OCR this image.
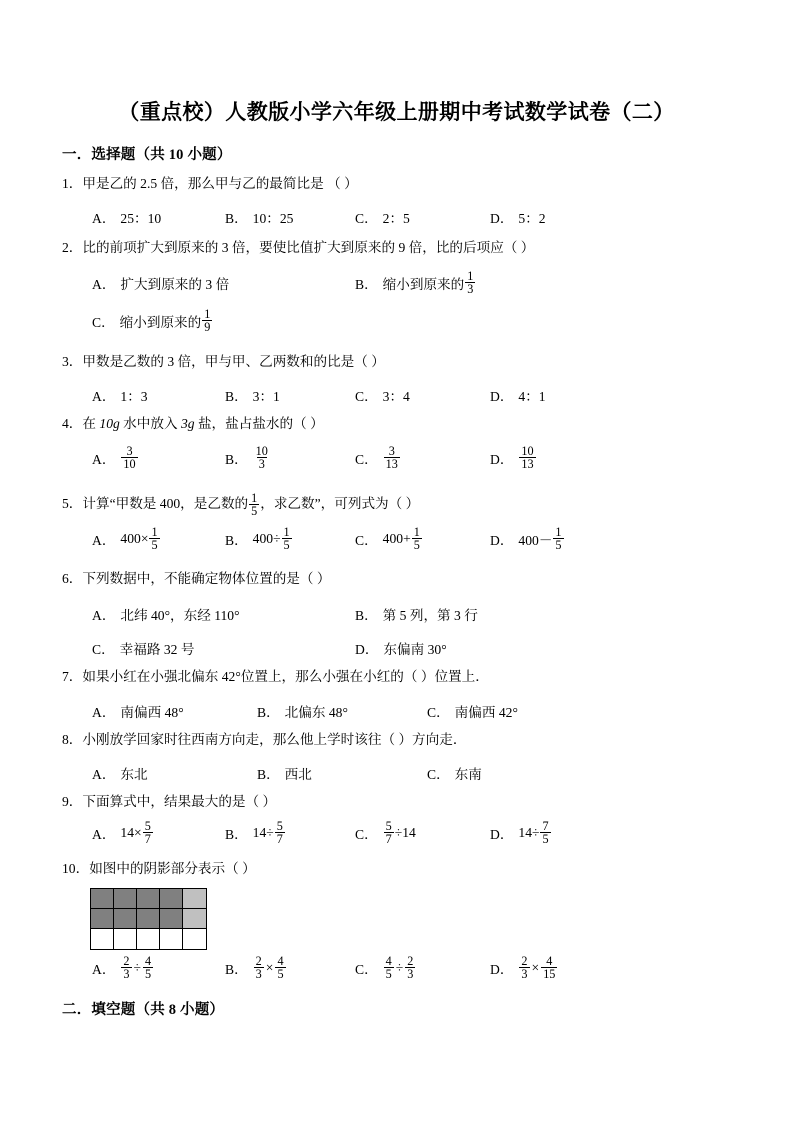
（重点校）人教版小学六年级上册期中考试数学试卷（二）
一．选择题（共 10 小题）
1．甲是乙的 2.5 倍，那么甲与乙的最简比是 （ ）
A． 25：10	B． 10：25	C． 2：5	D． 5：2
2．比的前项扩大到原来的 3 倍，要使比值扩大到原来的 9 倍，比的后项应（ ）
A． 扩大到原来的 3 倍	B． 缩小到原来的 $\frac{1}{3}$
C． 缩小到原来的 $\frac{1}{9}$
3．甲数是乙数的 3 倍，甲与甲、乙两数和的比是（ ）
A． 1：3	B． 3：1	C． 3：4	D． 4：1
4．在 10g 水中放入 3g 盐，盐占盐水的（ ）
A． $\frac{3}{10}$	B． $\frac{10}{3}$	C． $\frac{3}{13}$	D． $\frac{10}{13}$
5．计算“甲数是 400，是乙数的 $\frac{1}{5}$ ，求乙数”，可列式为（ ）
A． $400\times \frac{1}{5}$	B． $400\div \frac{1}{5}$	C． $400+ \frac{1}{5}$	D． $400- \frac{1}{5}$
6．下列数据中，不能确定物体位置的是（ ）
A． 北纬 40°，东经 110°	B． 第 5 列，第 3 行
C． 幸福路 32 号	D． 东偏南 30°
7．如果小红在小强北偏东 42°位置上，那么小强在小红的（ ）位置上．
A． 南偏西 48°	B． 北偏东 48°	C． 南偏西 42°
8．小刚放学回家时往西南方向走，那么他上学时该往（ ）方向走．
A． 东北	B． 西北	C． 东南
9．下面算式中，结果最大的是（ ）
A． $14\times \frac{5}{7}$	B． $14\div \frac{5}{7}$	C． $\frac{5}{7} \div 14$	D． $14\div \frac{7}{5}$
10．如图中的阴影部分表示（ ）
A． $\frac{2}{3} \div \frac{4}{5}$	B． $\frac{2}{3} \times \frac{4}{5}$	C． $\frac{4}{5} \div \frac{2}{3}$	D． $\frac{2}{3} \times \frac{4}{15}$
二．填空题（共 8 小题）
